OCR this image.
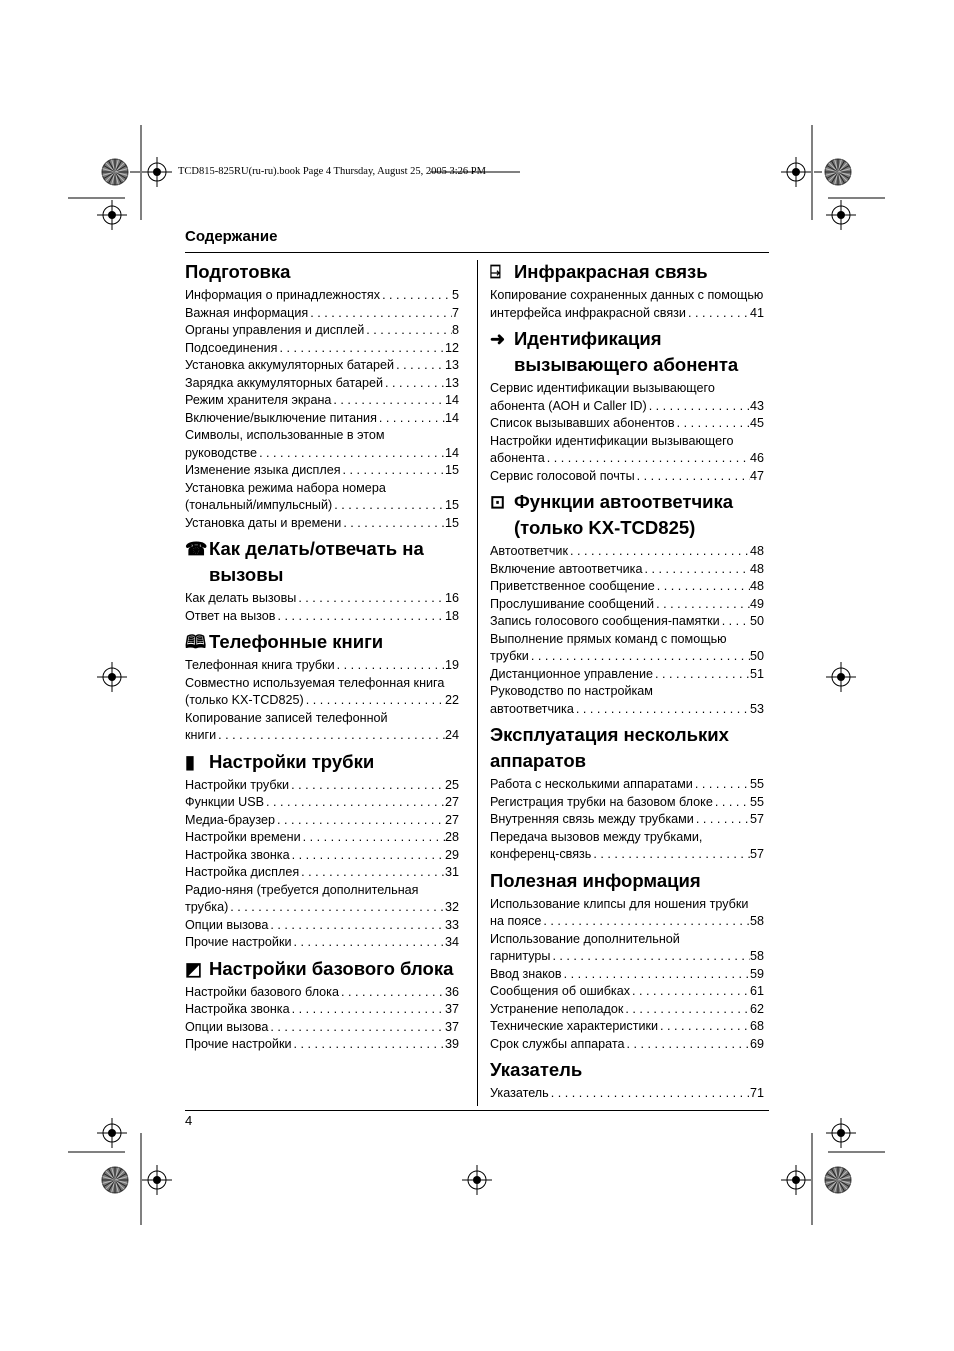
TCD815-825RU(ru-ru).book Page 4 Thursday, August 25, 2005 3:26 PM
Содержание
Подготовка
Информация о принадлежностях . . .	5
Важная информация . . .	7
Органы управления и дисплей . . .	8
Подсоединения . . .	12
Установка аккумуляторных батарей . . .	13
Зарядка аккумуляторных батарей . . .	13
Режим хранителя экрана . . .	14
Включение/выключение питания . . .	14
Символы, использованные в этом
руководстве . . .	14
Изменение языка дисплея . . .	15
Установка режима набора номера
(тональный/импульсный) . . .	15
Установка даты и времени . . .	15
☎ Как делать/отвечать на вызовы
Как делать вызовы . . .	16
Ответ на вызов . . .	18
🕮 Телефонные книги
Телефонная книга трубки . . .	19
Совместно используемая телефонная книга
(только KX-TCD825) . . .	22
Копирование записей телефонной
книги . . .	24
▮ Настройки трубки
Настройки трубки . . .	25
Функции USB . . .	27
Медиа-браузер . . .	27
Настройки времени . . .	28
Настройка звонка . . .	29
Настройка дисплея . . .	31
Радио-няня (требуется дополнительная
трубка) . . .	32
Опции вызова . . .	33
Прочие настройки . . .	34
◩ Настройки базового блока
Настройки базового блока . . .	36
Настройка звонка . . .	37
Опции вызова . . .	37
Прочие настройки . . .	39
⍈ Инфракрасная связь
Копирование сохраненных данных с помощью
интерфейса инфракрасной связи . . .	41
➜ Идентификация вызывающего абонента
Сервис идентификации вызывающего
абонента (АОН и Caller ID) . . .	43
Список вызывавших абонентов . . .	45
Настройки идентификации вызывающего
абонента . . .	46
Сервис голосовой почты . . .	47
⊡ Функции автоответчика (только KX-TCD825)
Автоответчик . . .	48
Включение автоответчика . . .	48
Приветственное сообщение . . .	48
Прослушивание сообщений . . .	49
Запись голосового сообщения-памятки . . . 50
Выполнение прямых команд с помощью
трубки . . .	50
Дистанционное управление . . .	51
Руководство по настройкам
автоответчика . . .	53
Эксплуатация нескольких аппаратов
Работа с несколькими аппаратами . . .	55
Регистрация трубки на базовом блоке . . .	55
Внутренняя связь между трубками . . .	57
Передача вызовов между трубками,
конференц-связь . . .	57
Полезная информация
Использование клипсы для ношения трубки
на поясе . . .	58
Использование дополнительной
гарнитуры . . .	58
Ввод знаков . . .	59
Сообщения об ошибках . . .	61
Устранение неполадок . . .	62
Технические характеристики . . .	68
Срок службы аппарата . . .	69
Указатель
Указатель . . .	71
4
